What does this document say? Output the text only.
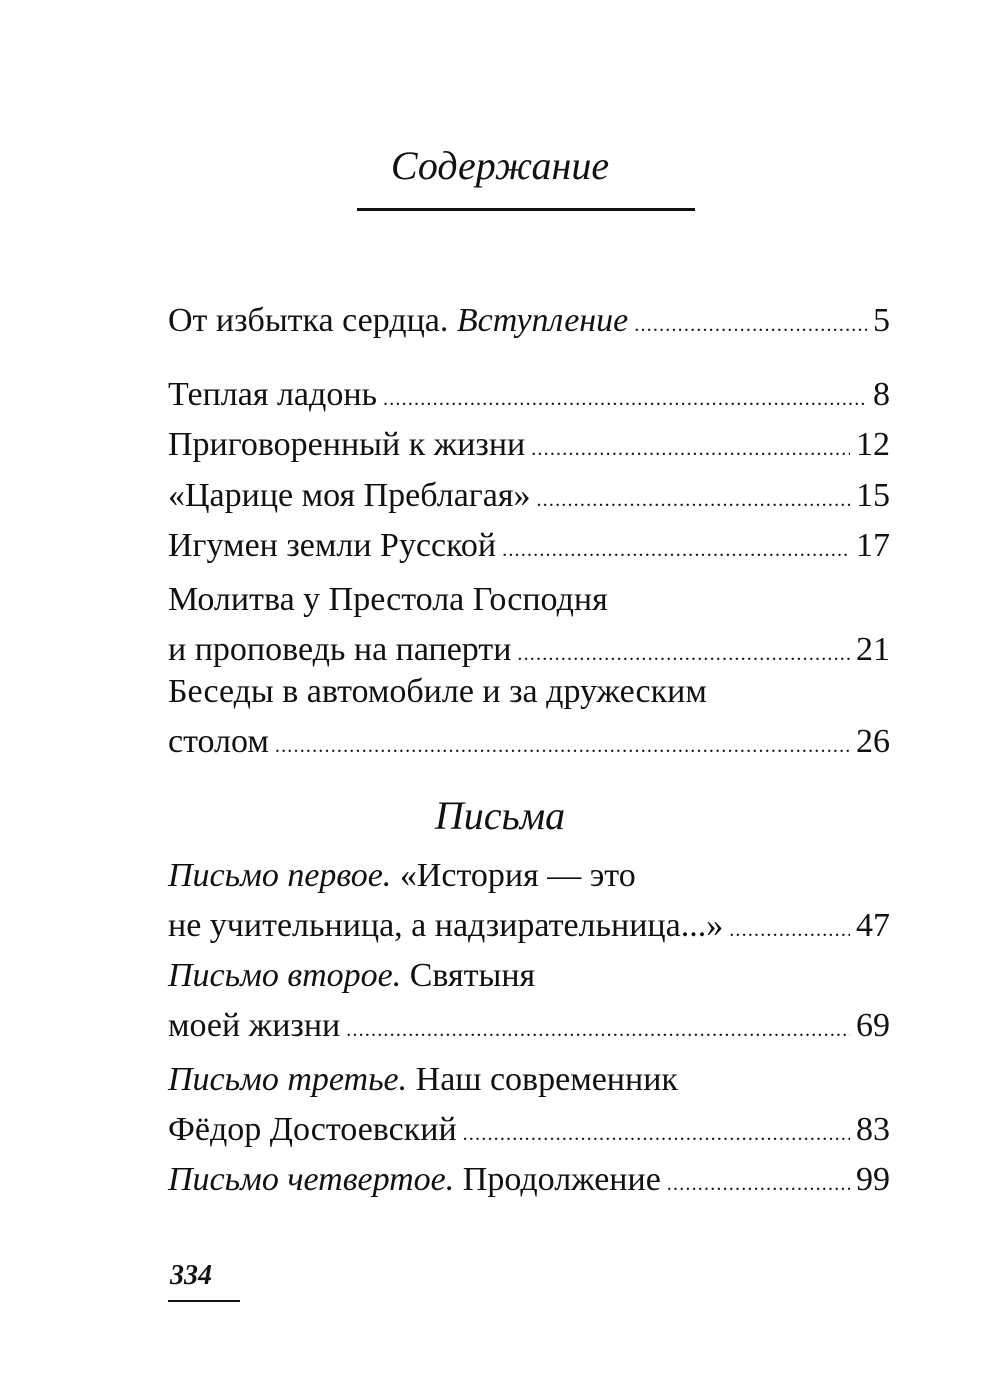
Содержание
От избытка сердца.
Вступление .....	5
Теплая ладонь .....	8
Приговоренный к жизни .....	12
«Царице моя Преблагая» .....	15
Игумен земли Русской .....	17
Молитва у Престола Господня
и проповедь на паперти .....	21
Беседы в автомобиле и за дружеским
столом .....	26
Письма
Письмо первое.
«История — это
не учительница, а надзирательница...» .....	47
Письмо второе.
Святыня
моей жизни .....	69
Письмо третье.
Наш современник
Фёдор Достоевский .....	83
Письмо четвертое.
Продолжение .....	99
334
